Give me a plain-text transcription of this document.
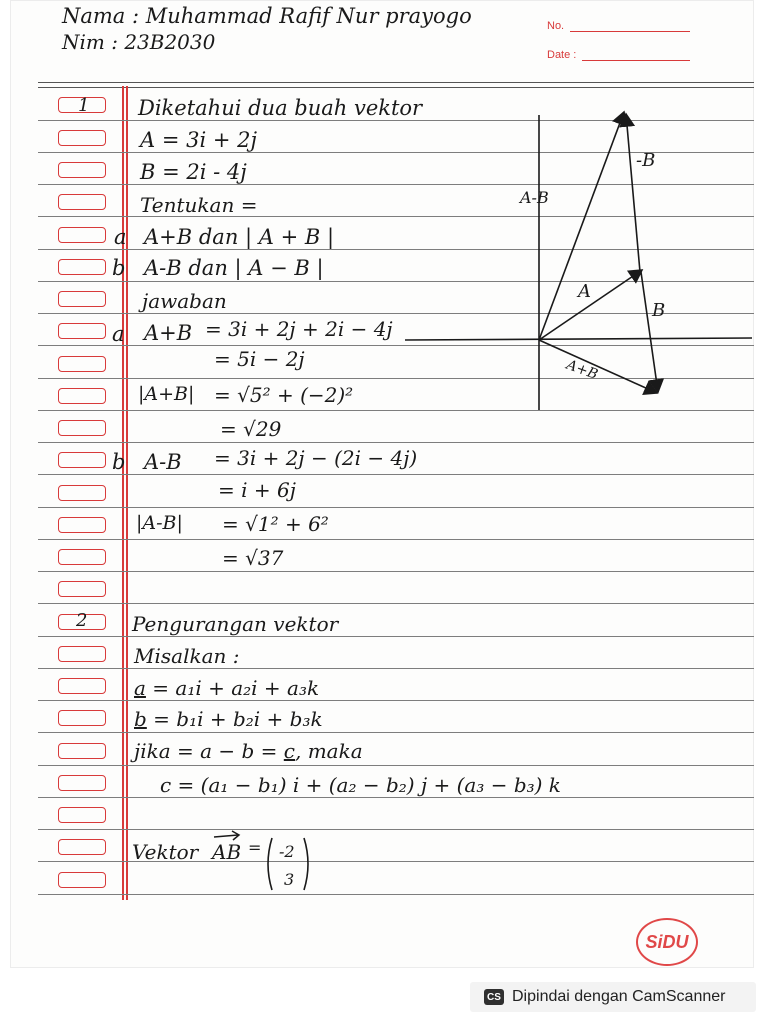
Nama : Muhammad Rafif Nur prayogo
Nim : 23B2030
No.
Date :
1 Diketahui dua buah vektor
A = 3i + 2j
B = 2i - 4j
Tentukan =
a A+B dan | A + B |
b A-B dan | A − B |
jawaban
a A+B = 3i + 2j + 2i − 4j
= 5i − 2j
|A+B| = √5² + (−2)²
= √29
b A-B = 3i + 2j − (2i − 4j)
= i + 6j
|A-B| = √1² + 6²
= √37
A-B
-B
A
B
A+B
2 Pengurangan vektor
Misalkan :
a = a₁i + a₂i + a₃k
b = b₁i + b₂i + b₃k
jika = a − b = c, maka
c = (a₁ − b₁) i + (a₂ − b₂) j + (a₃ − b₃) k
Vektor AB = -2
3
SiDU
CS Dipindai dengan CamScanner
